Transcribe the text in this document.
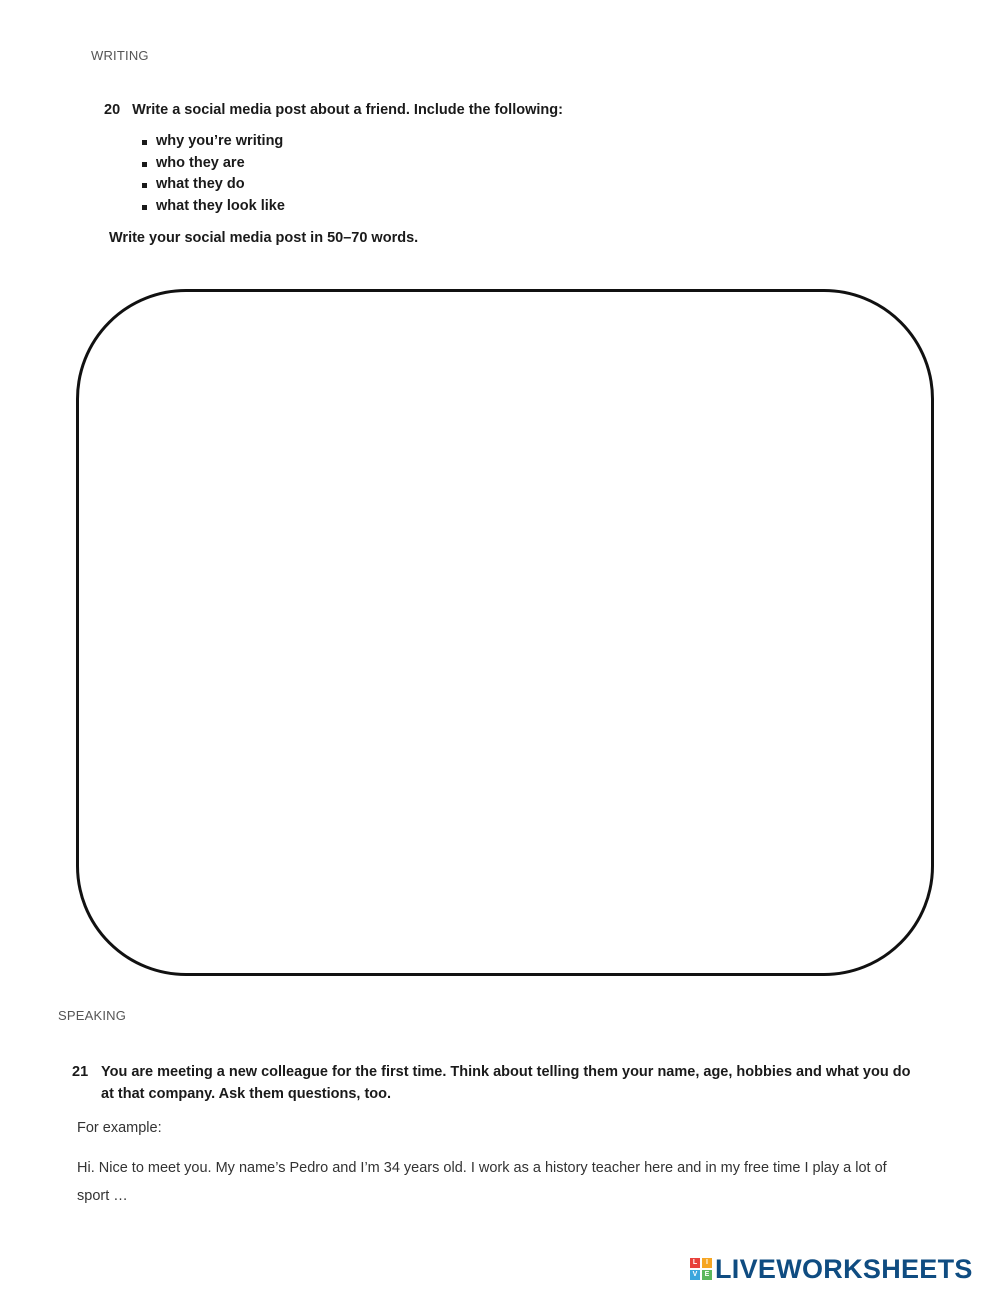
WRITING
20 Write a social media post about a friend. Include the following:
why you’re writing
who they are
what they do
what they look like
Write your social media post in 50–70 words.
SPEAKING
21 You are meeting a new colleague for the first time. Think about telling them your name, age, hobbies and what you do at that company. Ask them questions, too.
For example:
Hi. Nice to meet you. My name’s Pedro and I’m 34 years old. I work as a history teacher here and in my free time I play a lot of sport …
L	I
V	E LIVEWORKSHEETS
